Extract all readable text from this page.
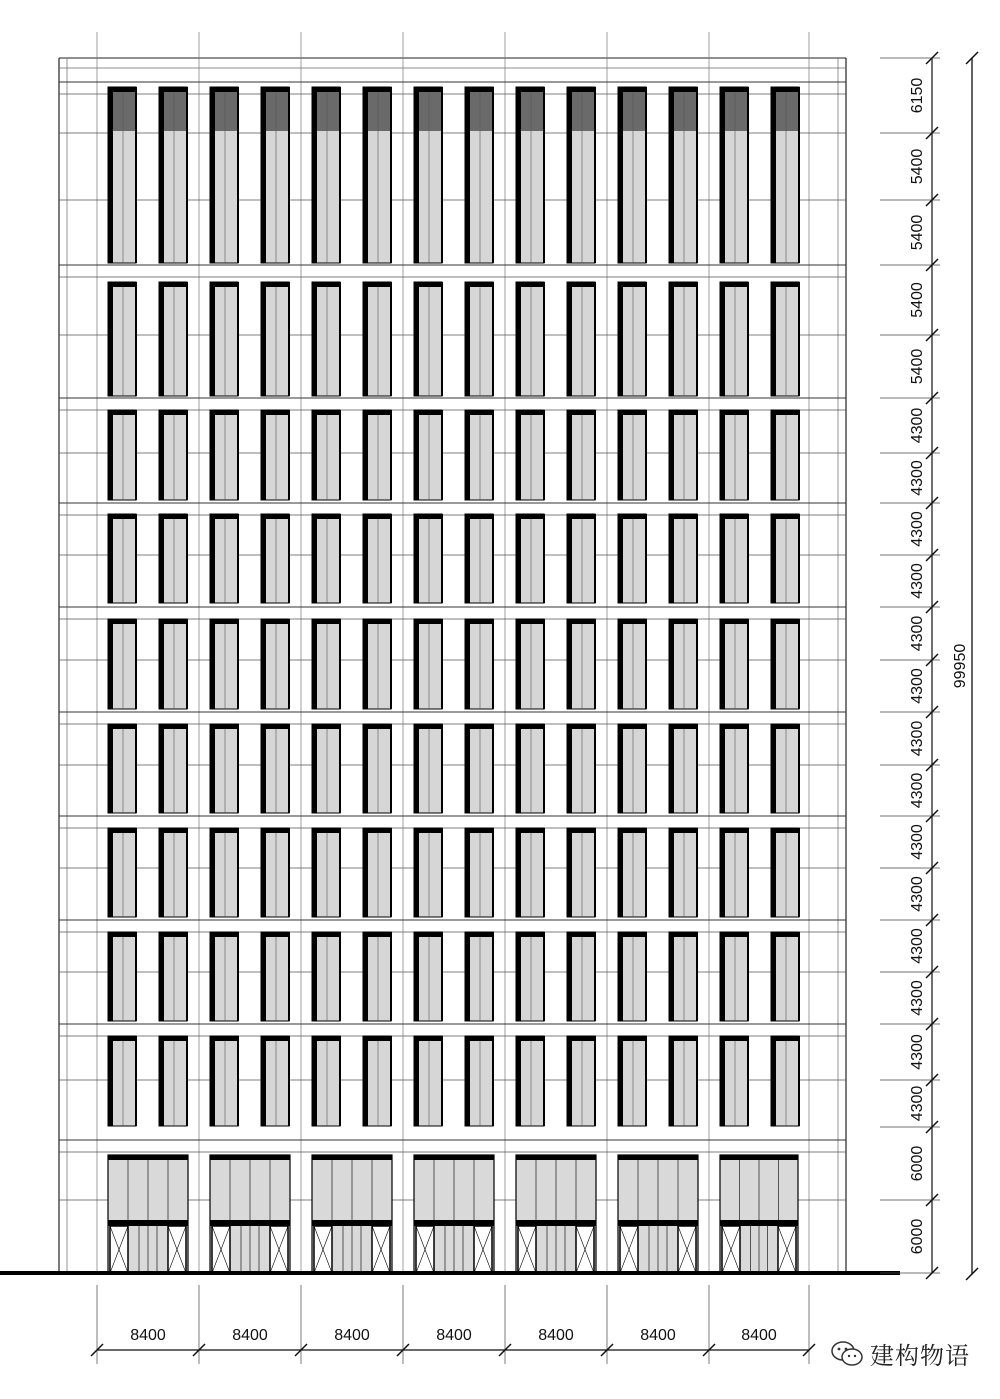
6150
5400
5400
5400
5400
4300
4300
4300
4300
4300
4300
4300
4300
4300
4300
4300
4300
4300
4300
6000
6000
8400	8400	8400	8400	8400	8400	8400
99950
建构物语
